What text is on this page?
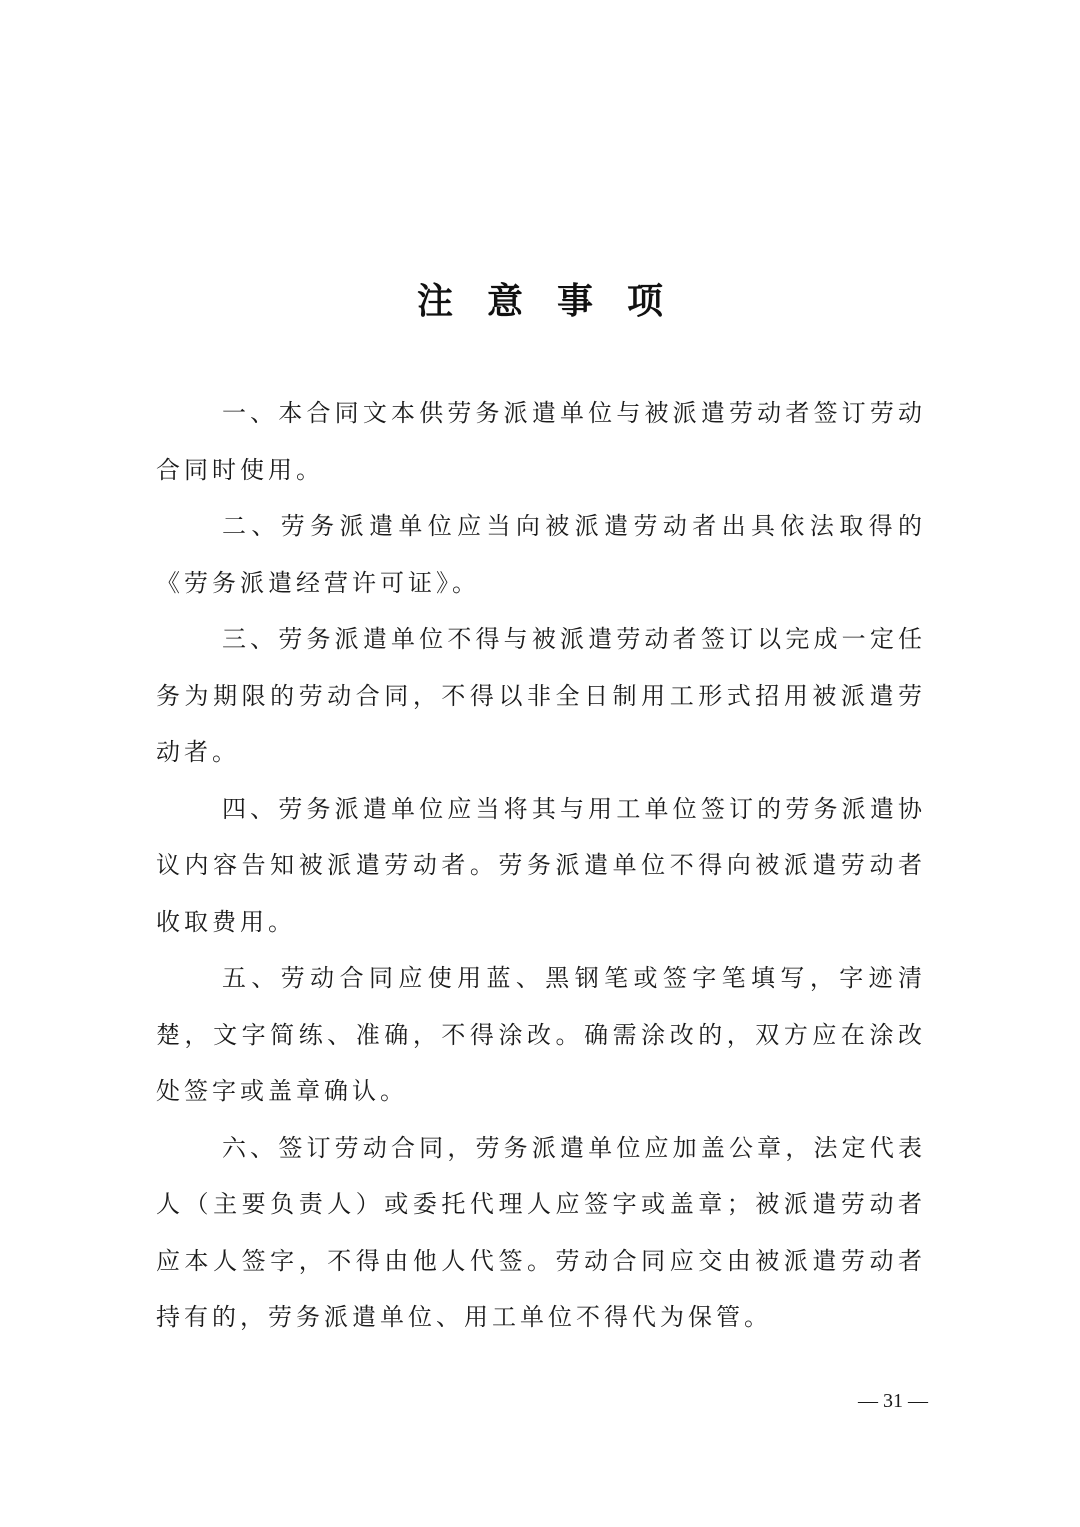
注意事项

一、本合同文本供劳务派遣单位与被派遣劳动者签订劳动合同时使用。

二、劳务派遣单位应当向被派遣劳动者出具依法取得的《劳务派遣经营许可证》。

三、劳务派遣单位不得与被派遣劳动者签订以完成一定任务为期限的劳动合同，不得以非全日制用工形式招用被派遣劳动者。

四、劳务派遣单位应当将其与用工单位签订的劳务派遣协议内容告知被派遣劳动者。劳务派遣单位不得向被派遣劳动者收取费用。

五、劳动合同应使用蓝、黑钢笔或签字笔填写，字迹清楚，文字简练、准确，不得涂改。确需涂改的，双方应在涂改处签字或盖章确认。

六、签订劳动合同，劳务派遣单位应加盖公章，法定代表人（主要负责人）或委托代理人应签字或盖章；被派遣劳动者应本人签字，不得由他人代签。劳动合同应交由被派遣劳动者持有的，劳务派遣单位、用工单位不得代为保管。

— 31 —
